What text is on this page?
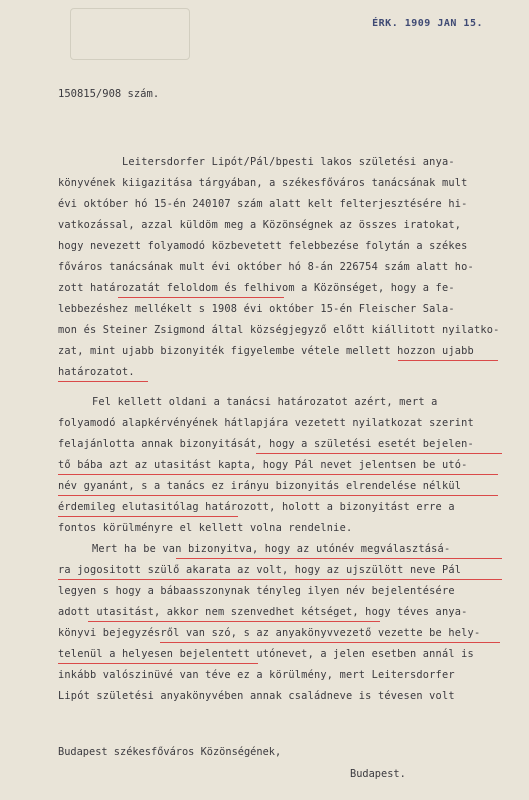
ÉRK. 1909 JAN 15.
150815/908 szám.
Leitersdorfer Lipót/Pál/bpesti lakos születési anya-
könyvének kiigazitása tárgyában, a székesfőváros tanácsának mult
évi október hó 15-én 240107 szám alatt kelt felterjesztésére hi-
vatkozással, azzal küldöm meg a Közönségnek az összes iratokat,
hogy nevezett folyamodó közbevetett felebbezése folytán a székes
főváros tanácsának mult évi október hó 8-án 226754 szám alatt ho-
zott határozatát feloldom és felhivom a Közönséget, hogy a fe-
lebbezéshez mellékelt s 1908 évi október 15-én Fleischer Sala-
mon és Steiner Zsigmond által községjegyző előtt kiállitott nyilatko-
zat, mint ujabb bizonyiték figyelembe vétele mellett hozzon ujabb
határozatot.
Fel kellett oldani a tanácsi határozatot azért, mert a
folyamodó alapkérvényének hátlapjára vezetett nyilatkozat szerint
felajánlotta annak bizonyitását, hogy a születési esetét bejelen-
tő bába azt az utasitást kapta, hogy Pál nevet jelentsen be utó-
név gyanánt, s a tanács ez irányu bizonyitás elrendelése nélkül
érdemileg elutasitólag határozott, holott a bizonyitást erre a
fontos körülményre el kellett volna rendelnie.
Mert ha be van bizonyitva, hogy az utónév megválasztásá-
ra jogositott szülő akarata az volt, hogy az ujszülött neve Pál
legyen s hogy a bábaasszonynak tényleg ilyen név bejelentésére
adott utasitást, akkor nem szenvedhet kétséget, hogy téves anya-
könyvi bejegyzésről van szó, s az anyakönyvvezető vezette be hely-
telenül a helyesen bejelentett utónevet, a jelen esetben annál is
inkább valószinüvé van téve ez a körülmény, mert Leitersdorfer
Lipót születési anyakönyvében annak családneve is tévesen volt
Budapest székesfőváros Közönségének,
Budapest.
